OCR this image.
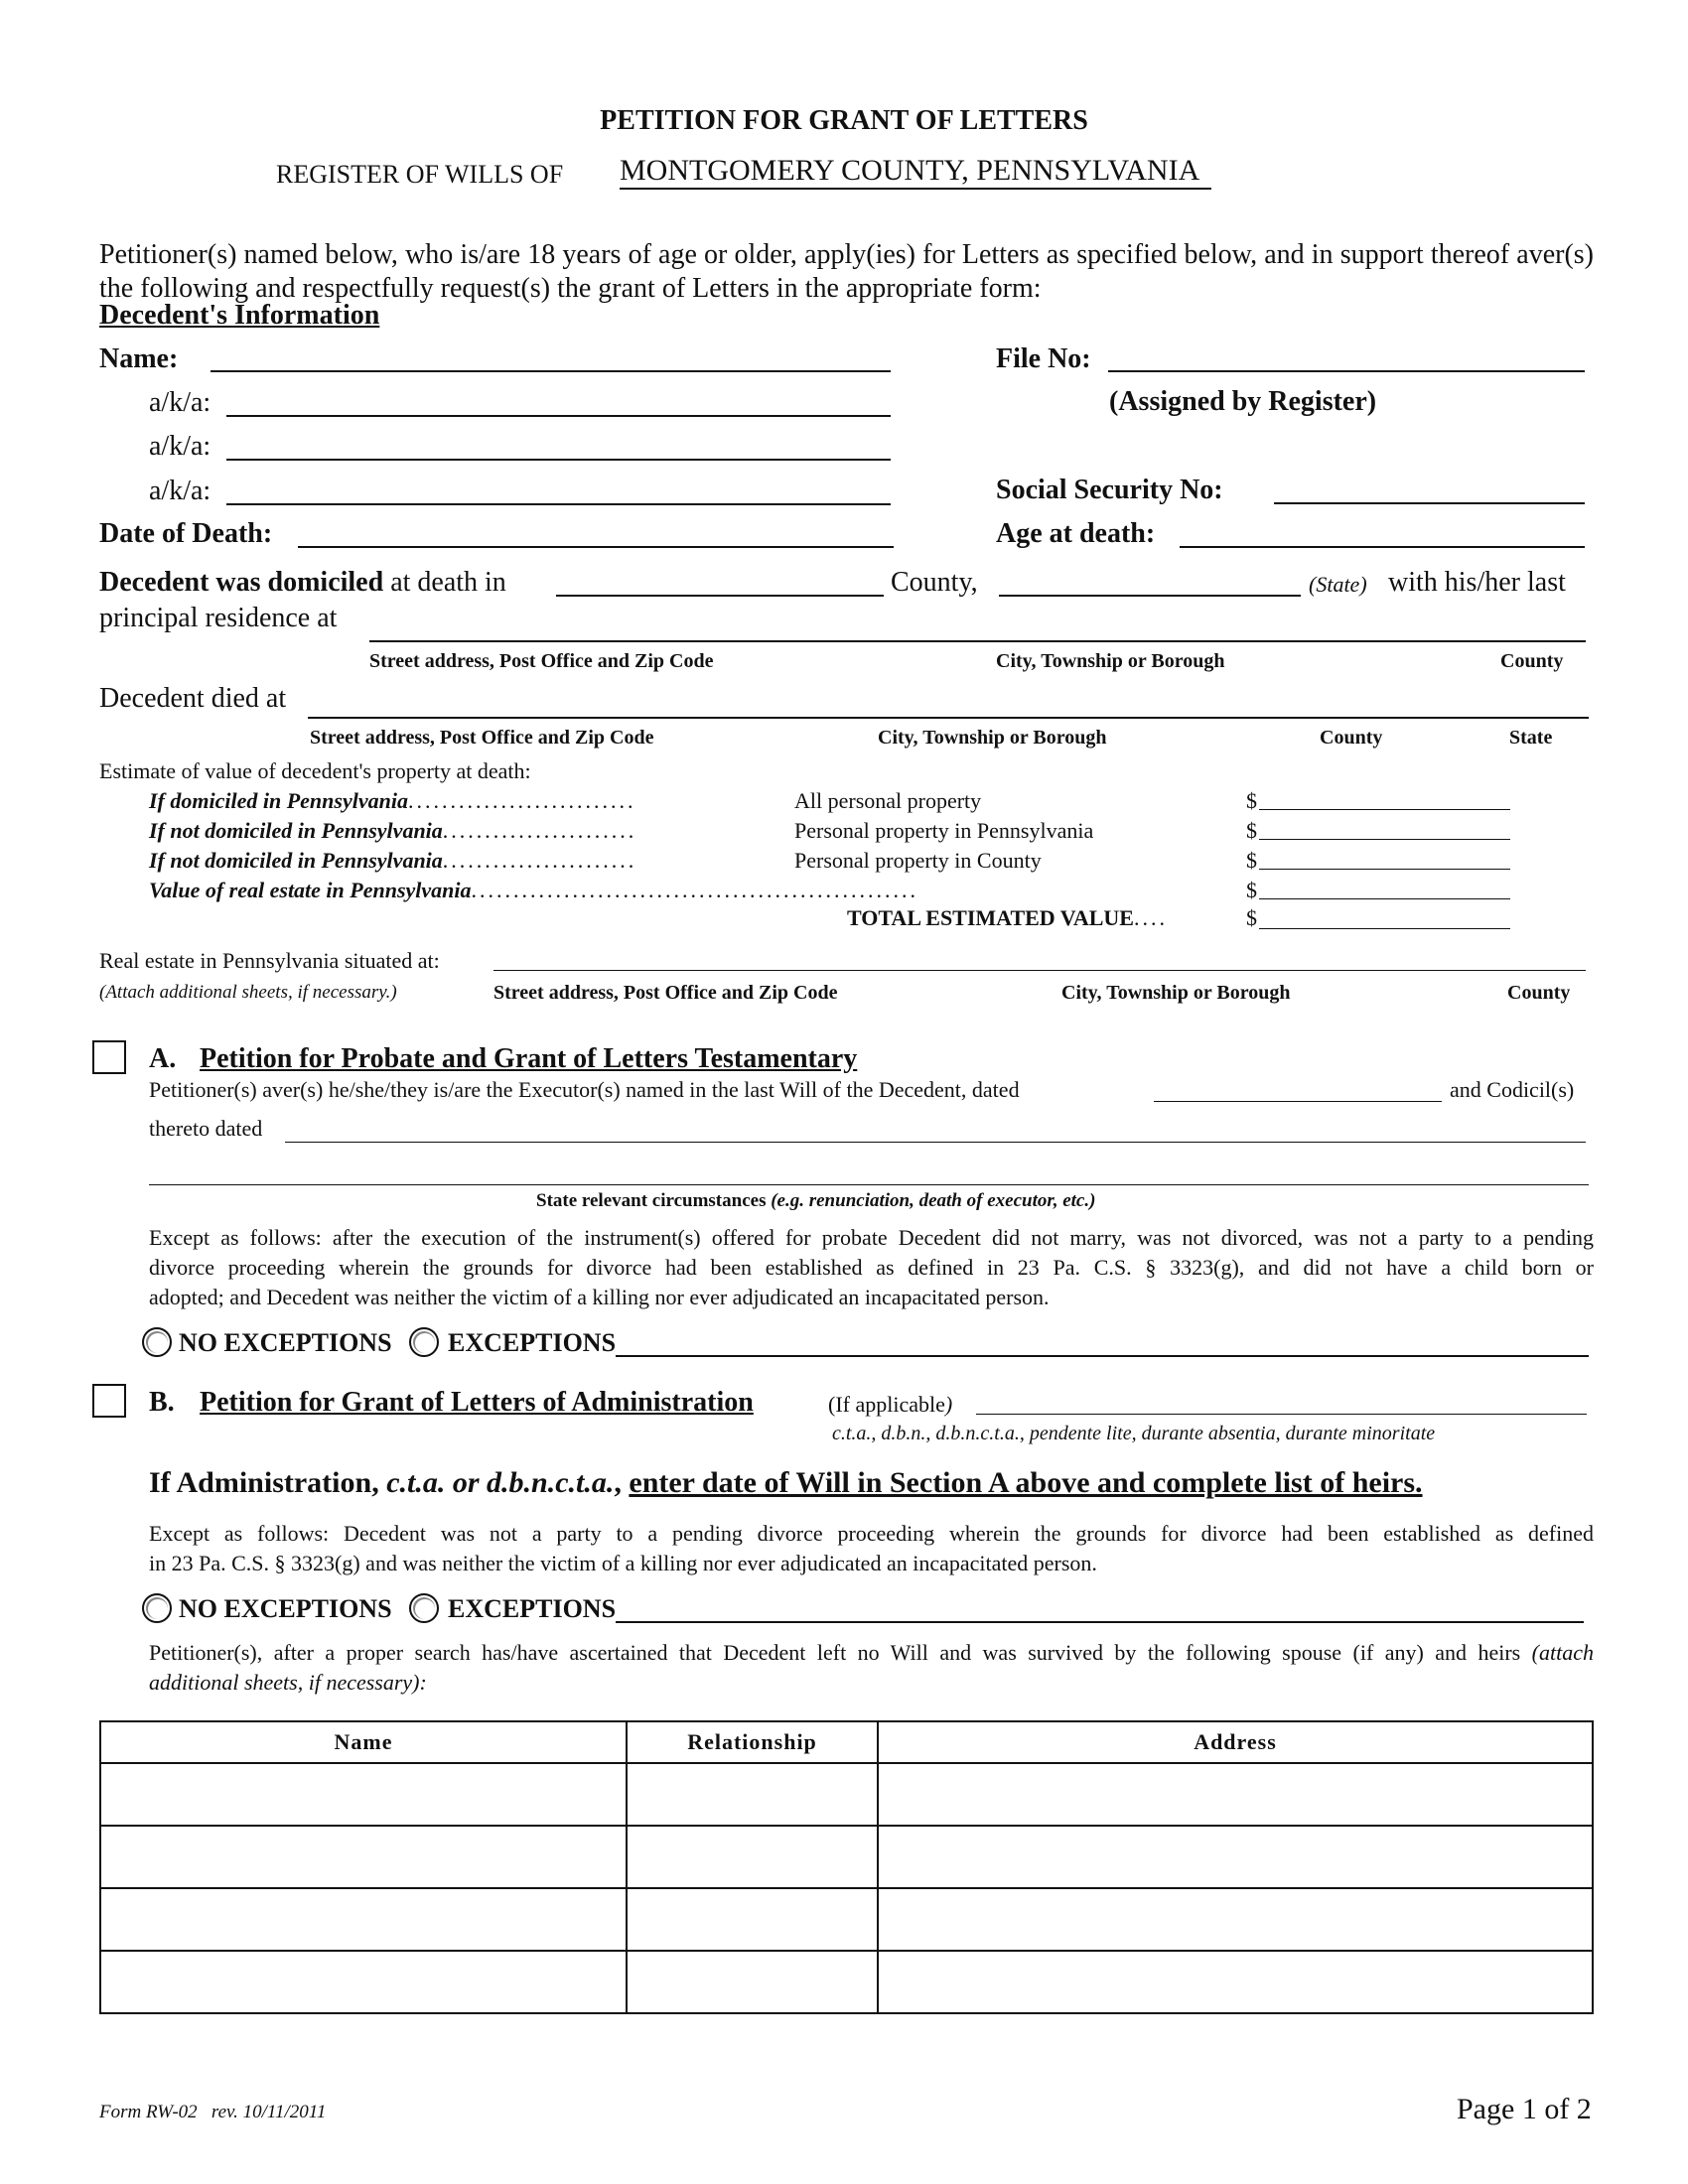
PETITION FOR GRANT OF LETTERS
REGISTER OF WILLS OF MONTGOMERY COUNTY, PENNSYLVANIA
Petitioner(s) named below, who is/are 18 years of age or older, apply(ies) for Letters as specified below, and in support thereof aver(s) the following and respectfully request(s) the grant of Letters in the appropriate form:
Decedent's Information
Name:	File No:
(Assigned by Register)
a/k/a:
a/k/a:
a/k/a:	Social Security No:
Date of Death:	Age at death:
Decedent was domiciled at death in	County,	(State) with his/her last
principal residence at
Street address, Post Office and Zip Code	City, Township or Borough	County
Decedent died at
Street address, Post Office and Zip Code	City, Township or Borough	County	State
Estimate of value of decedent's property at death:
If domiciled in Pennsylvania...........................	All personal property	$
If not domiciled in Pennsylvania.......................	Personal property in Pennsylvania	$
If not domiciled in Pennsylvania.......................	Personal property in County	$
Value of real estate in Pennsylvania.....................................................	$
TOTAL ESTIMATED VALUE....	$
Real estate in Pennsylvania situated at:
(Attach additional sheets, if necessary.)	Street address, Post Office and Zip Code	City, Township or Borough	County
A. Petition for Probate and Grant of Letters Testamentary
Petitioner(s) aver(s) he/she/they is/are the Executor(s) named in the last Will of the Decedent, dated	and Codicil(s)
thereto dated
State relevant circumstances (e.g. renunciation, death of executor, etc.)
Except as follows: after the execution of the instrument(s) offered for probate Decedent did not marry, was not divorced, was not a party to a pending
divorce proceeding wherein the grounds for divorce had been established as defined in 23 Pa. C.S. § 3323(g), and did not have a child born or
adopted; and Decedent was neither the victim of a killing nor ever adjudicated an incapacitated person.
NO EXCEPTIONS EXCEPTIONS
B. Petition for Grant of Letters of Administration	(If applicable)
c.t.a., d.b.n., d.b.n.c.t.a., pendente lite, durante absentia, durante minoritate
If Administration, c.t.a. or d.b.n.c.t.a., enter date of Will in Section A above and complete list of heirs.
Except as follows: Decedent was not a party to a pending divorce proceeding wherein the grounds for divorce had been established as defined
in 23 Pa. C.S. § 3323(g) and was neither the victim of a killing nor ever adjudicated an incapacitated person.
NO EXCEPTIONS EXCEPTIONS
Petitioner(s), after a proper search has/have ascertained that Decedent left no Will and was survived by the following spouse (if any) and heirs (attach
additional sheets, if necessary):
Name	Relationship	Address

Form RW-02   rev. 10/11/2011	Page 1 of 2
